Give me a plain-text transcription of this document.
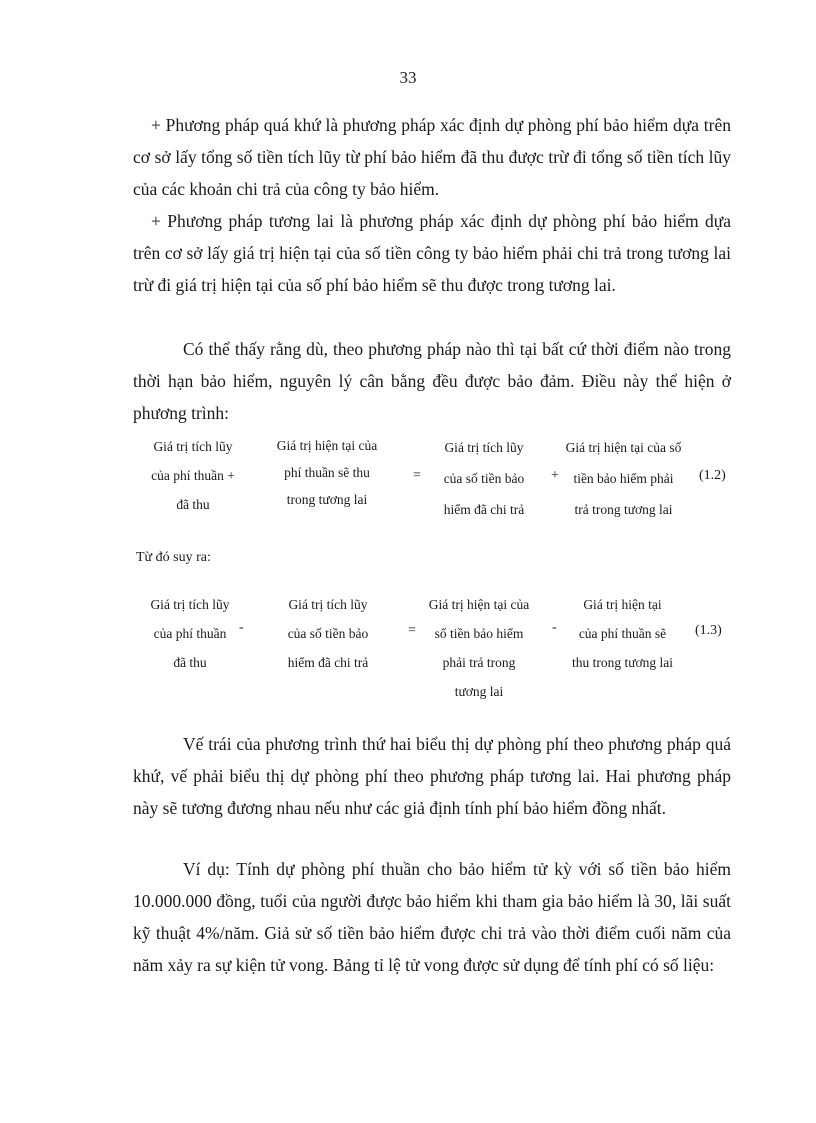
33

+ Phương pháp quá khứ là phương pháp xác định dự phòng phí bảo hiểm dựa trên cơ sở lấy tổng số tiền tích lũy từ phí bảo hiểm đã thu được trừ đi tổng số tiền tích lũy của các khoản chi trả của công ty bảo hiểm.

+ Phương pháp tương lai là phương pháp xác định dự phòng phí bảo hiểm dựa trên cơ sở lấy giá trị hiện tại của số tiền công ty bảo hiểm phải chi trả trong tương lai trừ đi giá trị hiện tại của số phí bảo hiểm sẽ thu được trong tương lai.

Có thể thấy rằng dù, theo phương pháp nào thì tại bất cứ thời điểm nào trong thời hạn bảo hiểm, nguyên lý cân bằng đều được bảo đảm. Điều này thể hiện ở phương trình:

Giá trị tích lũy
của phí thuần +
đã thu
Giá trị hiện tại của
phí thuần sẽ thu
trong tương lai
=
Giá trị tích lũy
của số tiền bảo
hiểm đã chi trả
+
Giá trị hiện tại của số
tiền bảo hiểm phải
trả trong tương lai
(1.2)
Từ đó suy ra:
Giá trị tích lũy
của phí thuần
đã thu
-
Giá trị tích lũy
của số tiền bảo
hiểm đã chi trả
=
Giá trị hiện tại của
số tiền bảo hiểm
phải trả trong
tương lai
-
Giá trị hiện tại
của phí thuần sẽ
thu trong tương lai
(1.3)

Vế trái của phương trình thứ hai biểu thị dự phòng phí theo phương pháp quá khứ, vế phải biểu thị dự phòng phí theo phương pháp tương lai. Hai phương pháp này sẽ tương đương nhau nếu như các giả định tính phí bảo hiểm đồng nhất.

Ví dụ: Tính dự phòng phí thuần cho bảo hiểm tử kỳ với số tiền bảo hiểm 10.000.000 đồng, tuổi của người được bảo hiểm khi tham gia bảo hiểm là 30, lãi suất kỹ thuật 4%/năm. Giả sử số tiền bảo hiểm được chi trả vào thời điểm cuối năm của năm xảy ra sự kiện tử vong. Bảng tỉ lệ tử vong được sử dụng để tính phí có số liệu:
